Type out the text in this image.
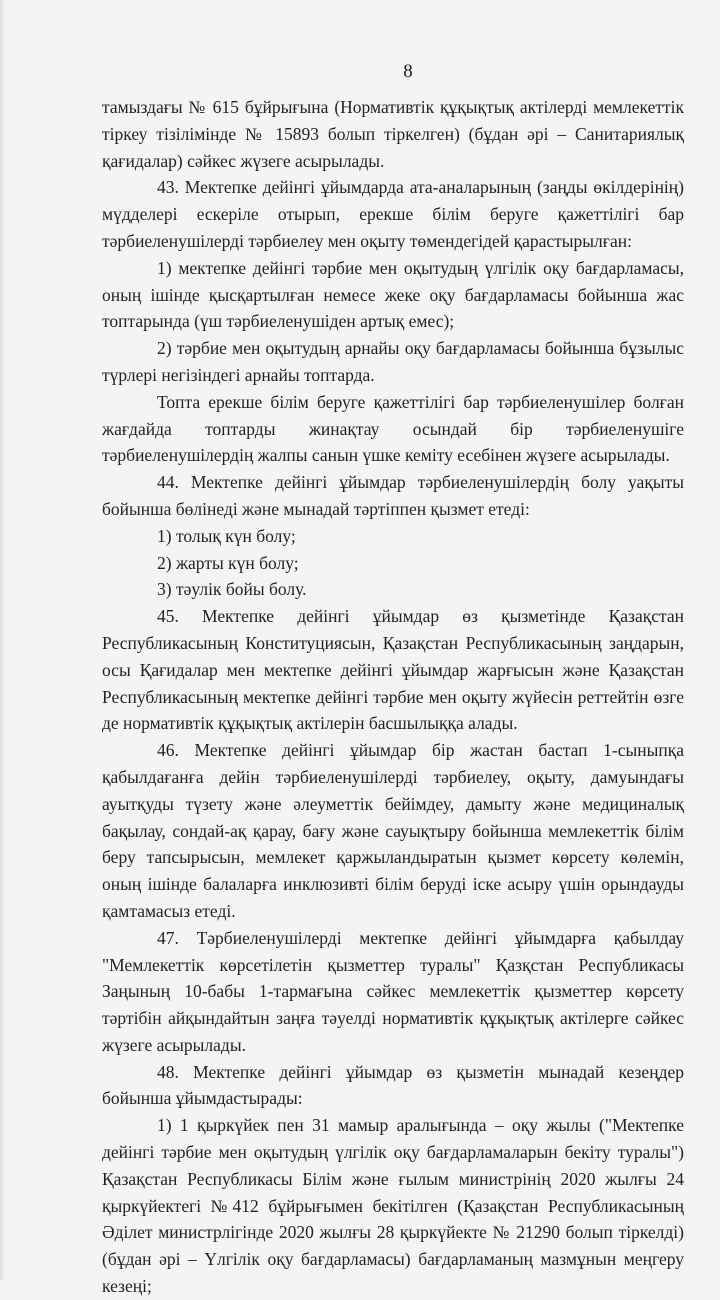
8

тамыздағы № 615 бұйрығына (Нормативтік құқықтық актілерді мемлекеттік тіркеу тізілімінде № 15893 болып тіркелген) (бұдан әрі – Санитариялық қағидалар) сәйкес жүзеге асырылады.

43. Мектепке дейінгі ұйымдарда ата-аналарының (заңды өкілдерінің) мүдделері ескеріле отырып, ерекше білім беруге қажеттілігі бар тәрбиеленушілерді тәрбиелеу мен оқыту төмендегідей қарастырылған:

1) мектепке дейінгі тәрбие мен оқытудың үлгілік оқу бағдарламасы, оның ішінде қысқартылған немесе жеке оқу бағдарламасы бойынша жас топтарында (үш тәрбиеленушіден артық емес);

2) тәрбие мен оқытудың арнайы оқу бағдарламасы бойынша бұзылыс түрлері негізіндегі арнайы топтарда.

Топта ерекше білім беруге қажеттілігі бар тәрбиеленушілер болған жағдайда топтарды жинақтау осындай бір тәрбиеленушіге тәрбиеленушілердің жалпы санын үшке кеміту есебінен жүзеге асырылады.

44. Мектепке дейінгі ұйымдар тәрбиеленушілердің болу уақыты бойынша бөлінеді және мынадай тәртіппен қызмет етеді:

1) толық күн болу;

2) жарты күн болу;

3) тәулік бойы болу.

45. Мектепке дейінгі ұйымдар өз қызметінде Қазақстан Республикасының Конституциясын, Қазақстан Республикасының заңдарын, осы Қағидалар мен мектепке дейінгі ұйымдар жарғысын және Қазақстан Республикасының мектепке дейінгі тәрбие мен оқыту жүйесін реттейтін өзге де нормативтік құқықтық актілерін басшылыққа алады.

46. Мектепке дейінгі ұйымдар бір жастан бастап 1-сыныпқа қабылдағанға дейін тәрбиеленушілерді тәрбиелеу, оқыту, дамуындағы ауытқуды түзету және әлеуметтік бейімдеу, дамыту және медициналық бақылау, сондай-ақ қарау, бағу және сауықтыру бойынша мемлекеттік білім беру тапсырысын, мемлекет қаржыландыратын қызмет көрсету көлемін, оның ішінде балаларға инклюзивті білім беруді іске асыру үшін орындауды қамтамасыз етеді.

47. Тәрбиеленушілерді мектепке дейінгі ұйымдарға қабылдау "Мемлекеттік көрсетілетін қызметтер туралы" Қазқстан Республикасы Заңының 10-бабы 1-тармағына сәйкес мемлекеттік қызметтер көрсету тәртібін айқындайтын заңға тәуелді нормативтік құқықтық актілерге сәйкес жүзеге асырылады.

48. Мектепке дейінгі ұйымдар өз қызметін мынадай кезеңдер бойынша ұйымдастырады:

1) 1 қыркүйек пен 31 мамыр аралығында – оқу жылы ("Мектепке дейінгі тәрбие мен оқытудың үлгілік оқу бағдарламаларын бекіту туралы") Қазақстан Республикасы Білім және ғылым министрінің 2020 жылғы 24 қыркүйектегі №412 бұйрығымен бекітілген (Қазақстан Республикасының Әділет министрлігінде 2020 жылғы 28 қыркүйекте № 21290 болып тіркелді) (бұдан әрі – Үлгілік оқу бағдарламасы) бағдарламаның мазмұнын меңгеру кезеңі;
